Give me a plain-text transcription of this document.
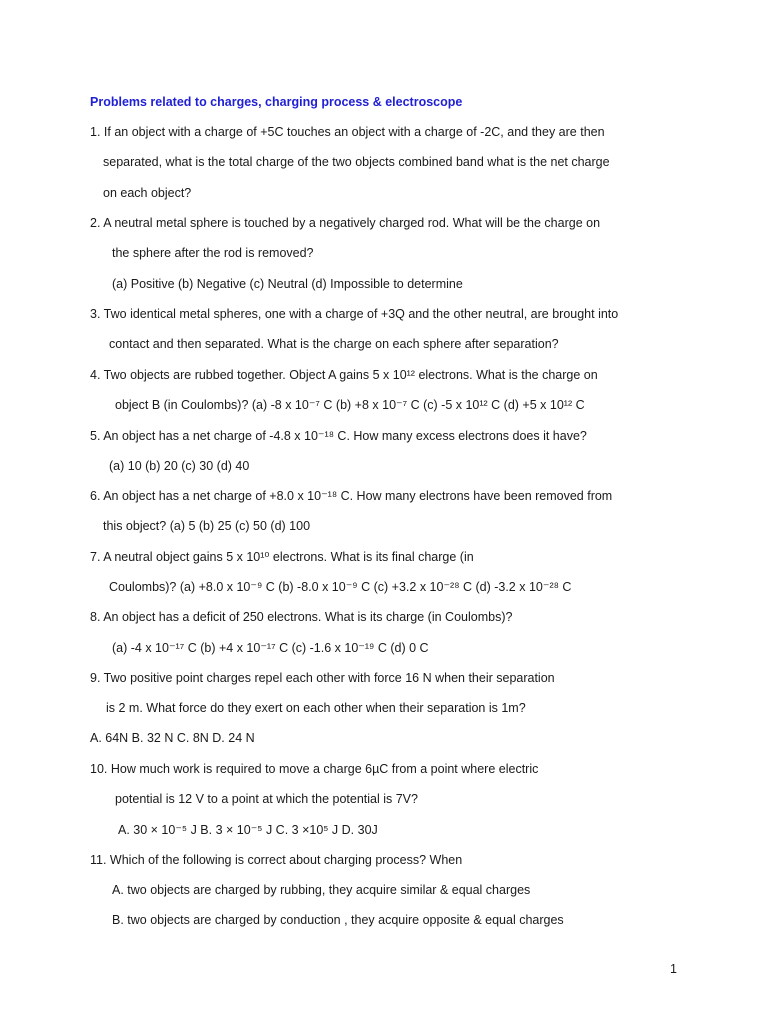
Problems related to charges, charging process & electroscope
1. If an object with a charge of +5C touches an object with a charge of -2C, and they are then
separated, what is the total charge of the two objects combined band what is the net charge
on each object?
2. A neutral metal sphere is touched by a negatively charged rod. What will be the charge on
the sphere after the rod is removed?
(a) Positive (b) Negative (c) Neutral (d) Impossible to determine
3. Two identical metal spheres, one with a charge of +3Q and the other neutral, are brought into
contact and then separated. What is the charge on each sphere after separation?
4. Two objects are rubbed together. Object A gains 5 x 10¹² electrons. What is the charge on
object B (in Coulombs)? (a) -8 x 10⁻⁷ C (b) +8 x 10⁻⁷ C (c) -5 x 10¹² C (d) +5 x 10¹² C
5. An object has a net charge of -4.8 x 10⁻¹⁸ C. How many excess electrons does it have?
(a) 10 (b) 20 (c) 30 (d) 40
6. An object has a net charge of +8.0 x 10⁻¹⁸ C. How many electrons have been removed from
this object? (a) 5 (b) 25 (c) 50 (d) 100
7. A neutral object gains 5 x 10¹⁰ electrons. What is its final charge (in
Coulombs)? (a) +8.0 x 10⁻⁹ C (b) -8.0 x 10⁻⁹ C (c) +3.2 x 10⁻²⁸ C (d) -3.2 x 10⁻²⁸ C
8. An object has a deficit of 250 electrons. What is its charge (in Coulombs)?
(a) -4 x 10⁻¹⁷ C (b) +4 x 10⁻¹⁷ C (c) -1.6 x 10⁻¹⁹ C (d) 0 C
9. Two positive point charges repel each other with force 16 N when their separation
is 2 m. What force do they exert on each other when their separation is 1m?
A. 64N B. 32 N C. 8N D. 24 N
10. How much work is required to move a charge 6µC from a point where electric
potential is 12 V to a point at which the potential is 7V?
A. 30 × 10⁻⁵ J B. 3 × 10⁻⁵ J C. 3 ×10⁵ J D. 30J
11. Which of the following is correct about charging process? When
A. two objects are charged by rubbing, they acquire similar & equal charges
B. two objects are charged by conduction , they acquire opposite & equal charges
1
